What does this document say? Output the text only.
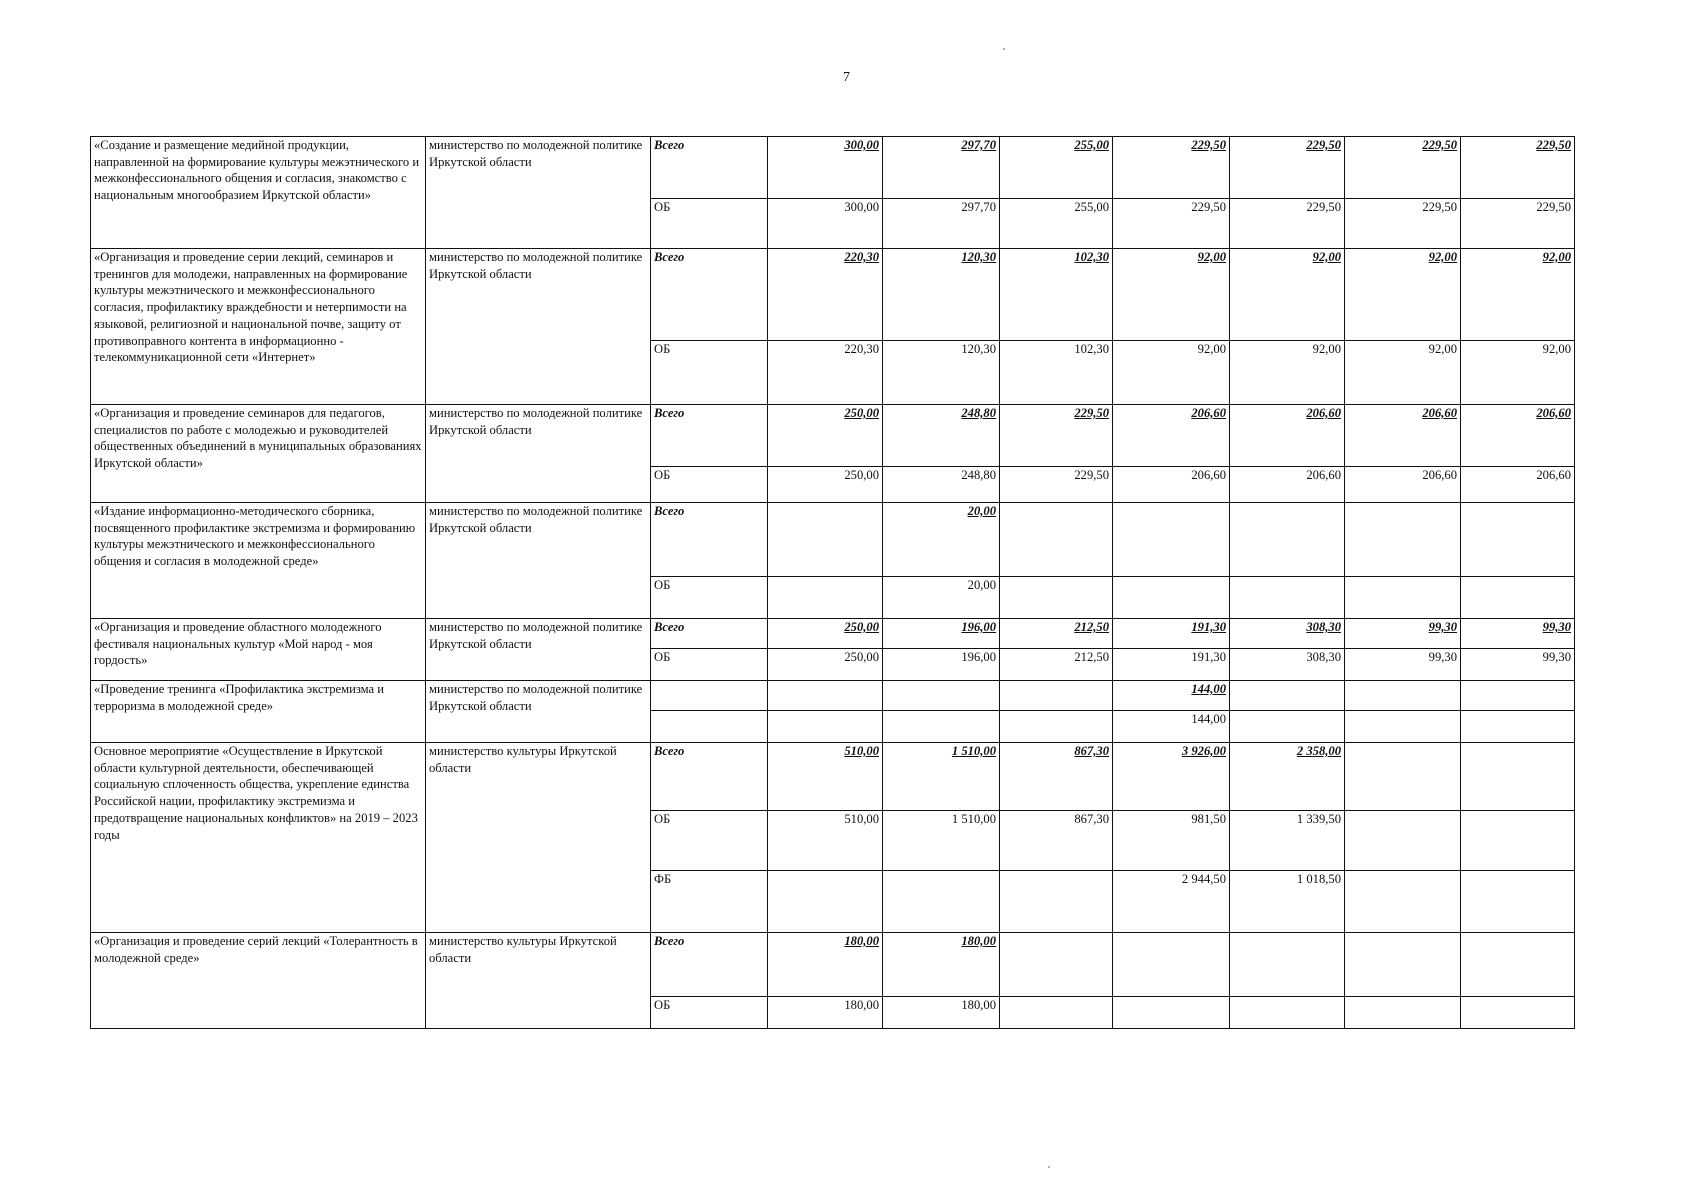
7
«Создание и размещение медийной продукции, направленной на формирование культуры межэтнического и межконфессионального общения и согласия, знакомство с национальным многообразием Иркутской области»	министерство по молодежной политике Иркутской области	Всего	300,00	297,70	255,00	229,50	229,50	229,50	229,50
		ОБ	300,00	297,70	255,00	229,50	229,50	229,50	229,50
«Организация и проведение серии лекций, семинаров и тренингов для молодежи, направленных на формирование культуры межэтнического и межконфессионального согласия, профилактику враждебности и нетерпимости на языковой, религиозной и национальной почве, защиту от противоправного контента в информационно - телекоммуникационной сети «Интернет»	министерство по молодежной политике Иркутской области	Всего	220,30	120,30	102,30	92,00	92,00	92,00	92,00
		ОБ	220,30	120,30	102,30	92,00	92,00	92,00	92,00
«Организация и проведение семинаров для педагогов, специалистов по работе с молодежью и руководителей общественных объединений в муниципальных образованиях Иркутской области»	министерство по молодежной политике Иркутской области	Всего	250,00	248,80	229,50	206,60	206,60	206,60	206,60
		ОБ	250,00	248,80	229,50	206,60	206,60	206,60	206,60
«Издание информационно-методического сборника, посвященного профилактике экстремизма и формированию культуры межэтнического и межконфессионального общения и согласия в молодежной среде»	министерство по молодежной политике Иркутской области	Всего		20,00					
		ОБ		20,00					
«Организация и проведение областного молодежного фестиваля национальных культур «Мой народ - моя гордость»	министерство по молодежной политике Иркутской области	Всего	250,00	196,00	212,50	191,30	308,30	99,30	99,30
		ОБ	250,00	196,00	212,50	191,30	308,30	99,30	99,30
«Проведение тренинга «Профилактика экстремизма и терроризма в молодежной среде»	министерство по молодежной политике Иркутской области					144,00			
						144,00			
Основное мероприятие «Осуществление в Иркутской области культурной деятельности, обеспечивающей социальную сплоченность общества, укрепление единства Российской нации, профилактику экстремизма и предотвращение национальных конфликтов» на 2019 – 2023 годы	министерство культуры Иркутской области	Всего	510,00	1 510,00	867,30	3 926,00	2 358,00		
		ОБ	510,00	1 510,00	867,30	981,50	1 339,50		
		ФБ				2 944,50	1 018,50		
«Организация и проведение серий лекций «Толерантность в молодежной среде»	министерство культуры Иркутской области	Всего	180,00	180,00					
		ОБ	180,00	180,00					
